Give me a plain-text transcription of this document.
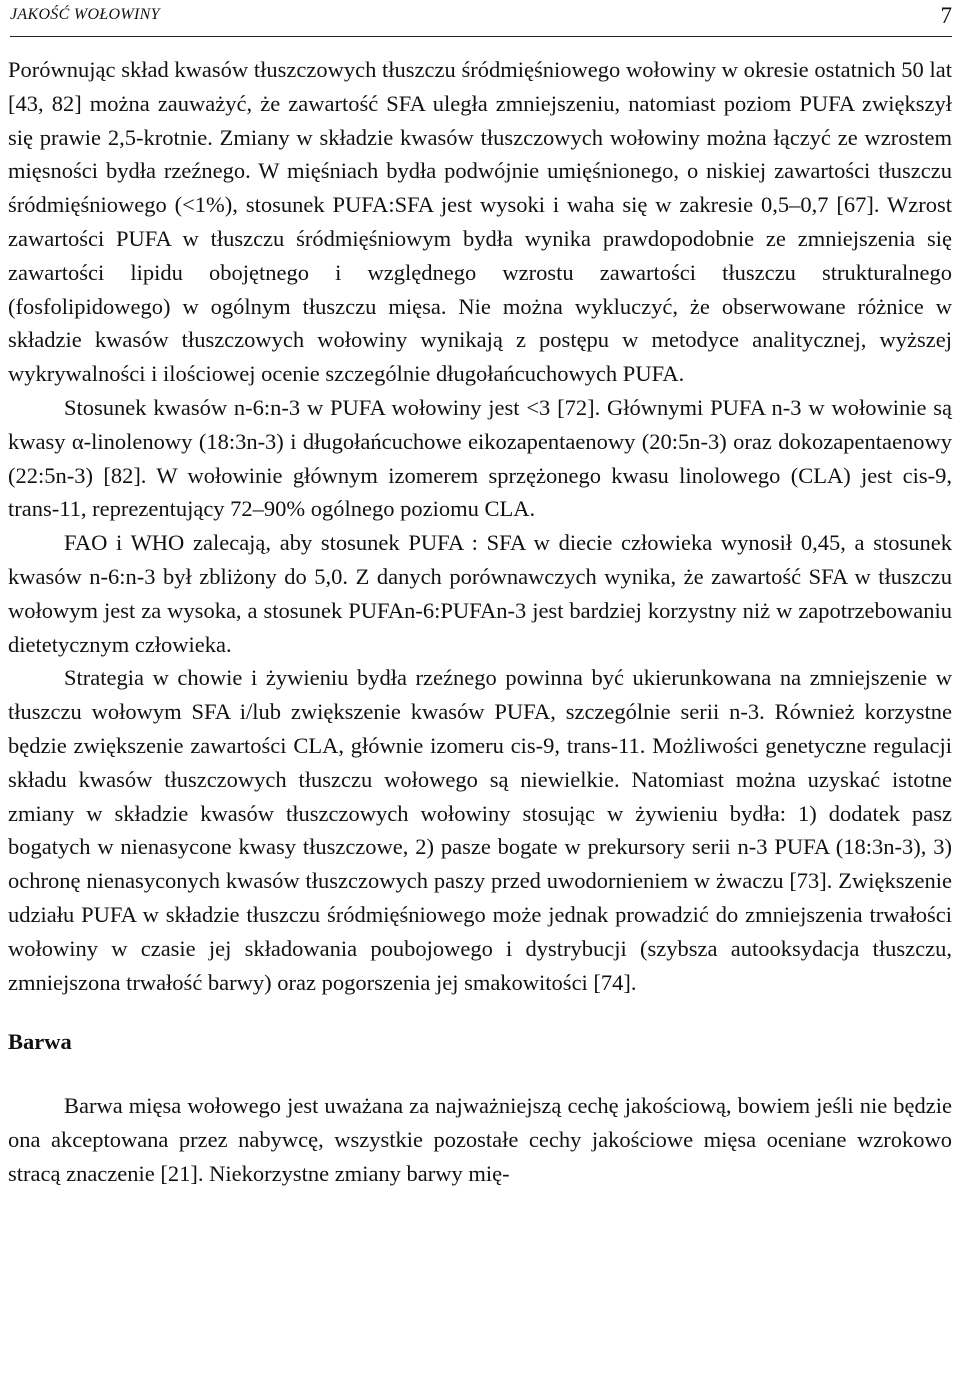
JAKOŚĆ WOŁOWINY	7

Porównując skład kwasów tłuszczowych tłuszczu śródmięśniowego wołowiny w okresie ostatnich 50 lat [43, 82] można zauważyć, że zawartość SFA uległa zmniejszeniu, natomiast poziom PUFA zwiększył się prawie 2,5-krotnie. Zmiany w składzie kwasów tłuszczowych wołowiny można łączyć ze wzrostem mięsności bydła rzeźnego. W mięśniach bydła podwójnie umięśnionego, o niskiej zawartości tłuszczu śródmięśniowego (<1%), stosunek PUFA:SFA jest wysoki i waha się w zakresie 0,5–0,7 [67]. Wzrost zawartości PUFA w tłuszczu śródmięśniowym bydła wynika prawdopodobnie ze zmniejszenia się zawartości lipidu obojętnego i względnego wzrostu zawartości tłuszczu strukturalnego (fosfolipidowego) w ogólnym tłuszczu mięsa. Nie można wykluczyć, że obserwowane różnice w składzie kwasów tłuszczowych wołowiny wynikają z postępu w metodyce analitycznej, wyższej wykrywalności i ilościowej ocenie szczególnie długołańcuchowych PUFA.

Stosunek kwasów n-6:n-3 w PUFA wołowiny jest <3 [72]. Głównymi PUFA n-3 w wołowinie są kwasy α-linolenowy (18:3n-3) i długołańcuchowe eikozapentaenowy (20:5n-3) oraz dokozapentaenowy (22:5n-3) [82]. W wołowinie głównym izomerem sprzężonego kwasu linolowego (CLA) jest cis-9, trans-11, reprezentujący 72–90% ogólnego poziomu CLA.

FAO i WHO zalecają, aby stosunek PUFA : SFA w diecie człowieka wynosił 0,45, a stosunek kwasów n-6:n-3 był zbliżony do 5,0. Z danych porównawczych wynika, że zawartość SFA w tłuszczu wołowym jest za wysoka, a stosunek PUFAn-6:PUFAn-3 jest bardziej korzystny niż w zapotrzebowaniu dietetycznym człowieka.

Strategia w chowie i żywieniu bydła rzeźnego powinna być ukierunkowana na zmniejszenie w tłuszczu wołowym SFA i/lub zwiększenie kwasów PUFA, szczególnie serii n-3. Również korzystne będzie zwiększenie zawartości CLA, głównie izomeru cis-9, trans-11. Możliwości genetyczne regulacji składu kwasów tłuszczowych tłuszczu wołowego są niewielkie. Natomiast można uzyskać istotne zmiany w składzie kwasów tłuszczowych wołowiny stosując w żywieniu bydła: 1) dodatek pasz bogatych w nienasycone kwasy tłuszczowe, 2) pasze bogate w prekursory serii n-3 PUFA (18:3n-3), 3) ochronę nienasyconych kwasów tłuszczowych paszy przed uwodornieniem w żwaczu [73]. Zwiększenie udziału PUFA w składzie tłuszczu śródmięśniowego może jednak prowadzić do zmniejszenia trwałości wołowiny w czasie jej składowania poubojowego i dystrybucji (szybsza autooksydacja tłuszczu, zmniejszona trwałość barwy) oraz pogorszenia jej smakowitości [74].

Barwa

Barwa mięsa wołowego jest uważana za najważniejszą cechę jakościową, bowiem jeśli nie będzie ona akceptowana przez nabywcę, wszystkie pozostałe cechy jakościowe mięsa oceniane wzrokowo stracą znaczenie [21]. Niekorzystne zmiany barwy mię-
